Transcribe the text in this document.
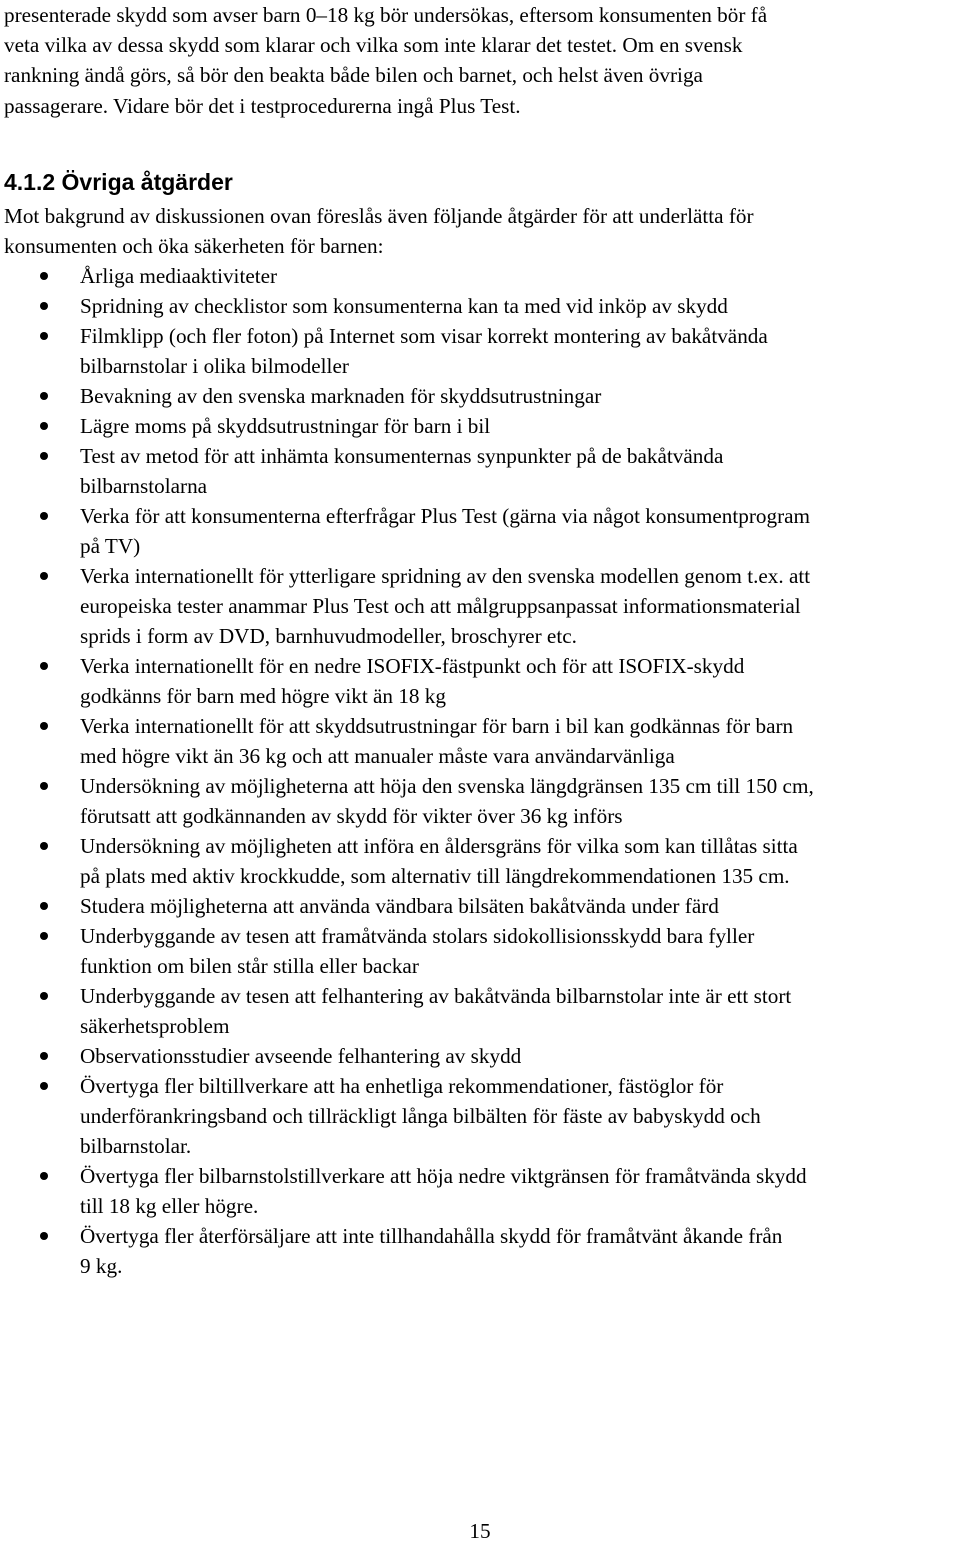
presenterade skydd som avser barn 0–18 kg bör undersökas, eftersom konsumenten bör få
veta vilka av dessa skydd som klarar och vilka som inte klarar det testet. Om en svensk
rankning ändå görs, så bör den beakta både bilen och barnet, och helst även övriga
passagerare. Vidare bör det i testprocedurerna ingå Plus Test.

4.1.2 Övriga åtgärder

Mot bakgrund av diskussionen ovan föreslås även följande åtgärder för att underlätta för
konsumenten och öka säkerheten för barnen:

Årliga mediaaktiviteter
Spridning av checklistor som konsumenterna kan ta med vid inköp av skydd
Filmklipp (och fler foton) på Internet som visar korrekt montering av bakåtvända
bilbarnstolar i olika bilmodeller
Bevakning av den svenska marknaden för skyddsutrustningar
Lägre moms på skyddsutrustningar för barn i bil
Test av metod för att inhämta konsumenternas synpunkter på de bakåtvända
bilbarnstolarna
Verka för att konsumenterna efterfrågar Plus Test (gärna via något konsumentprogram
på TV)
Verka internationellt för ytterligare spridning av den svenska modellen genom t.ex. att
europeiska tester anammar Plus Test och att målgruppsanpassat informationsmaterial
sprids i form av DVD, barnhuvudmodeller, broschyrer etc.
Verka internationellt för en nedre ISOFIX-fästpunkt och för att ISOFIX-skydd
godkänns för barn med högre vikt än 18 kg
Verka internationellt för att skyddsutrustningar för barn i bil kan godkännas för barn
med högre vikt än 36 kg och att manualer måste vara användarvänliga
Undersökning av möjligheterna att höja den svenska längdgränsen 135 cm till 150 cm,
förutsatt att godkännanden av skydd för vikter över 36 kg införs
Undersökning av möjligheten att införa en åldersgräns för vilka som kan tillåtas sitta
på plats med aktiv krockkudde, som alternativ till längdrekommendationen 135 cm.
Studera möjligheterna att använda vändbara bilsäten bakåtvända under färd
Underbyggande av tesen att framåtvända stolars sidokollisionsskydd bara fyller
funktion om bilen står stilla eller backar
Underbyggande av tesen att felhantering av bakåtvända bilbarnstolar inte är ett stort
säkerhetsproblem
Observationsstudier avseende felhantering av skydd
Övertyga fler biltillverkare att ha enhetliga rekommendationer, fästöglor för
underförankringsband och tillräckligt långa bilbälten för fäste av babyskydd och
bilbarnstolar.
Övertyga fler bilbarnstolstillverkare att höja nedre viktgränsen för framåtvända skydd
till 18 kg eller högre.
Övertyga fler återförsäljare att inte tillhandahålla skydd för framåtvänt åkande från
9 kg.
15
